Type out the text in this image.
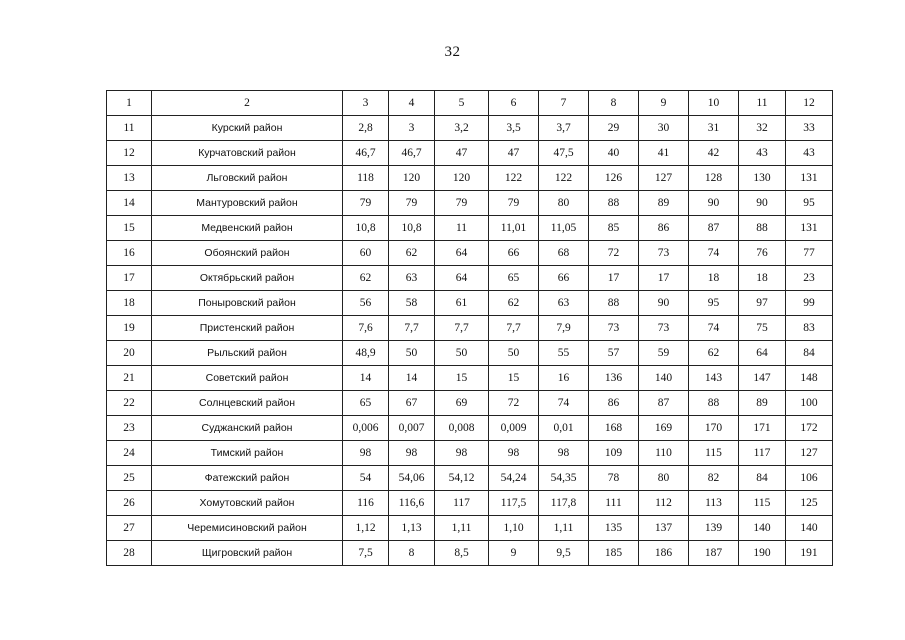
32
1	2	3	4	5	6	7	8	9	10	11	12
11	Курский район	2,8	3	3,2	3,5	3,7	29	30	31	32	33
12	Курчатовский район	46,7	46,7	47	47	47,5	40	41	42	43	43
13	Льговский район	118	120	120	122	122	126	127	128	130	131
14	Мантуровский район	79	79	79	79	80	88	89	90	90	95
15	Медвенский район	10,8	10,8	11	11,01	11,05	85	86	87	88	131
16	Обоянский район	60	62	64	66	68	72	73	74	76	77
17	Октябрьский район	62	63	64	65	66	17	17	18	18	23
18	Поныровский район	56	58	61	62	63	88	90	95	97	99
19	Пристенский район	7,6	7,7	7,7	7,7	7,9	73	73	74	75	83
20	Рыльский район	48,9	50	50	50	55	57	59	62	64	84
21	Советский район	14	14	15	15	16	136	140	143	147	148
22	Солнцевский район	65	67	69	72	74	86	87	88	89	100
23	Суджанский район	0,006	0,007	0,008	0,009	0,01	168	169	170	171	172
24	Тимский район	98	98	98	98	98	109	110	115	117	127
25	Фатежский район	54	54,06	54,12	54,24	54,35	78	80	82	84	106
26	Хомутовский район	116	116,6	117	117,5	117,8	111	112	113	115	125
27	Черемисиновский район	1,12	1,13	1,11	1,10	1,11	135	137	139	140	140
28	Щигровский район	7,5	8	8,5	9	9,5	185	186	187	190	191
